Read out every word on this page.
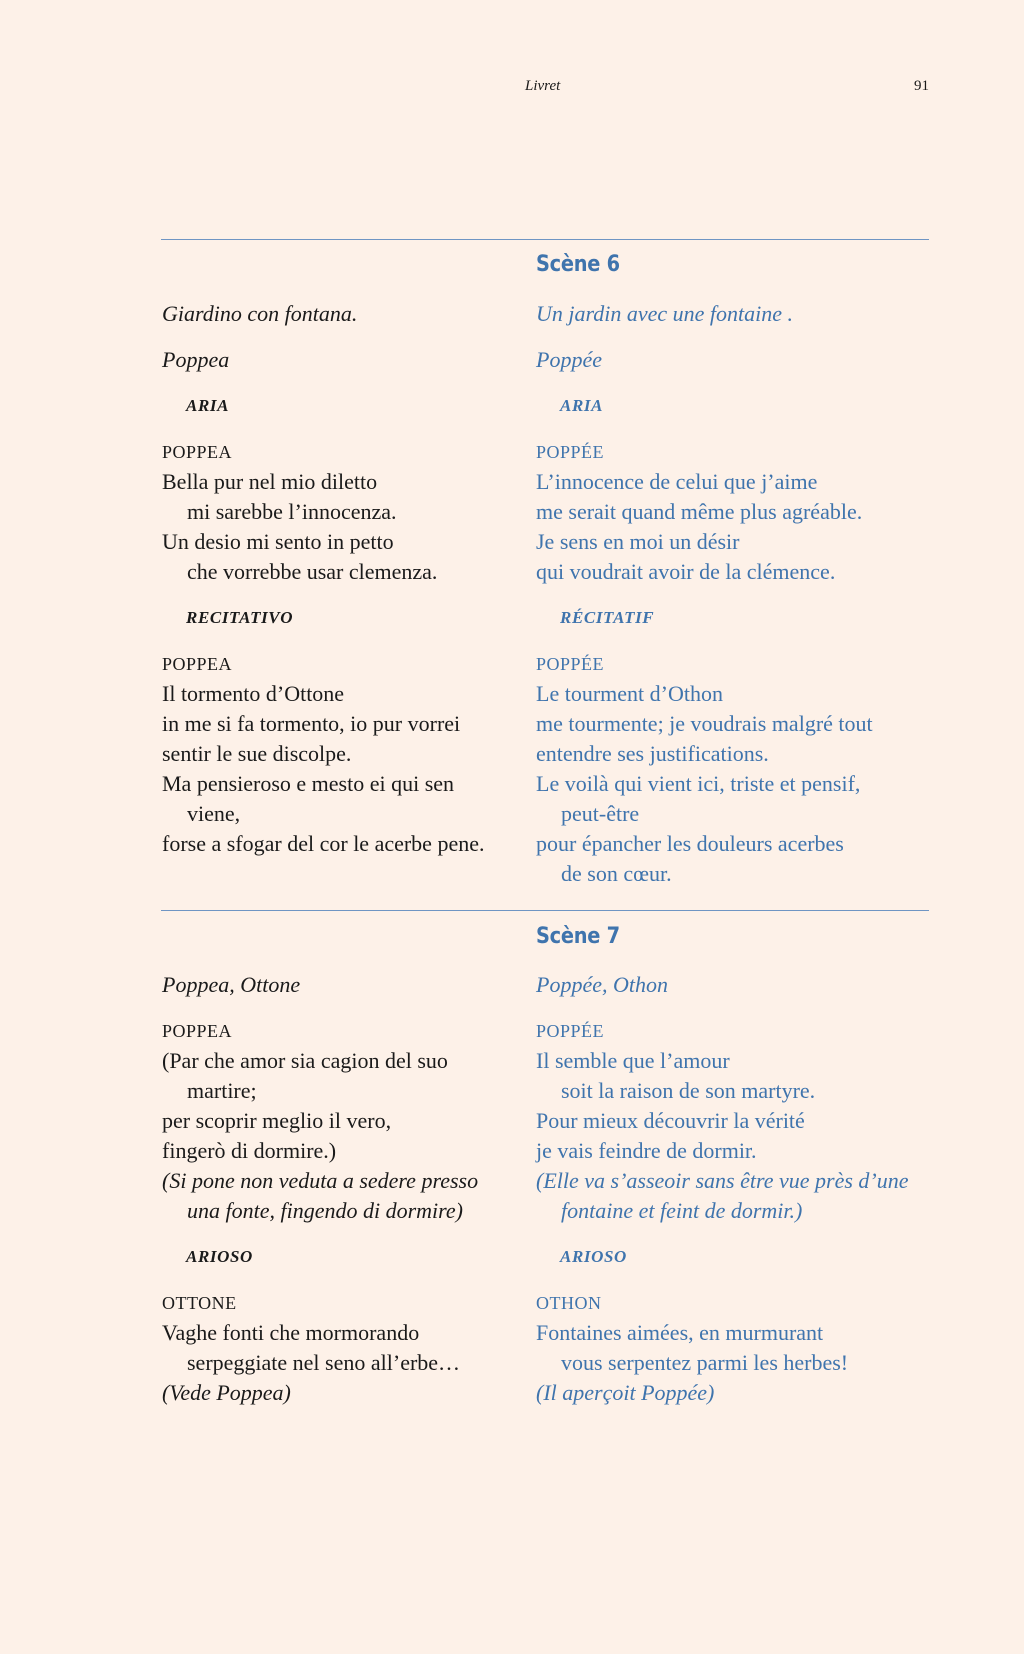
Livret	91
Scène 6
Giardino con fontana.
Poppea
ARIA
POPPEA
Bella pur nel mio diletto
mi sarebbe l’innocenza.
Un desio mi sento in petto
che vorrebbe usar clemenza.
RECITATIVO
POPPEA
Il tormento d’Ottone
in me si fa tormento, io pur vorrei
sentir le sue discolpe.
Ma pensieroso e mesto ei qui sen
viene,
forse a sfogar del cor le acerbe pene.
Un jardin avec une fontaine .
Poppée
ARIA
POPPÉE
L’innocence de celui que j’aime
me serait quand même plus agréable.
Je sens en moi un désir
qui voudrait avoir de la clémence.
RÉCITATIF
POPPÉE
Le tourment d’Othon
me tourmente; je voudrais malgré tout
entendre ses justifications.
Le voilà qui vient ici, triste et pensif,
peut-être
pour épancher les douleurs acerbes
de son cœur.
Scène 7
Poppea, Ottone
POPPEA
(Par che amor sia cagion del suo
martire;
per scoprir meglio il vero,
fingerò di dormire.)
(Si pone non veduta a sedere presso
una fonte, fingendo di dormire)
ARIOSO
OTTONE
Vaghe fonti che mormorando
serpeggiate nel seno all’erbe…
(Vede Poppea)
Poppée, Othon
POPPÉE
Il semble que l’amour
soit la raison de son martyre.
Pour mieux découvrir la vérité
je vais feindre de dormir.
(Elle va s’asseoir sans être vue près d’une
fontaine et feint de dormir.)
ARIOSO
OTHON
Fontaines aimées, en murmurant
vous serpentez parmi les herbes!
(Il aperçoit Poppée)
